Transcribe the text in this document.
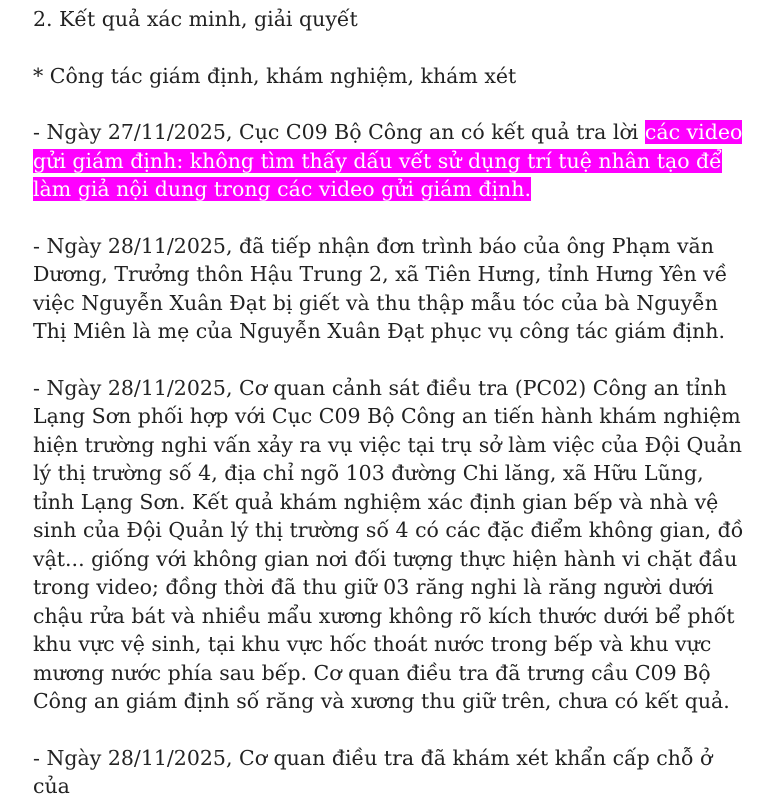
2. Kết quả xác minh, giải quyết

* Công tác giám định, khám nghiệm, khám xét

- Ngày 27/11/2025, Cục C09 Bộ Công an có kết quả tra lời các video gửi giám định: không tìm thấy dấu vết sử dụng trí tuệ nhân tạo để làm giả nội dung trong các video gửi giám định.

- Ngày 28/11/2025, đã tiếp nhận đơn trình báo của ông Phạm văn Dương, Trưởng thôn Hậu Trung 2, xã Tiên Hưng, tỉnh Hưng Yên về việc Nguyễn Xuân Đạt bị giết và thu thập mẫu tóc của bà Nguyễn Thị Miên là mẹ của Nguyễn Xuân Đạt phục vụ công tác giám định.

- Ngày 28/11/2025, Cơ quan cảnh sát điều tra (PC02) Công an tỉnh Lạng Sơn phối hợp với Cục C09 Bộ Công an tiến hành khám nghiệm hiện trường nghi vấn xảy ra vụ việc tại trụ sở làm việc của Đội Quản lý thị trường số 4, địa chỉ ngõ 103 đường Chi lăng, xã Hữu Lũng, tỉnh Lạng Sơn. Kết quả khám nghiệm xác định gian bếp và nhà vệ sinh của Đội Quản lý thị trường số 4 có các đặc điểm không gian, đồ vật... giống với không gian nơi đối tượng thực hiện hành vi chặt đầu trong video; đồng thời đã thu giữ 03 răng nghi là răng người dưới chậu rửa bát và nhiều mẩu xương không rõ kích thước dưới bể phốt khu vực vệ sinh, tại khu vực hốc thoát nước trong bếp và khu vực mương nước phía sau bếp. Cơ quan điều tra đã trưng cầu C09 Bộ Công an giám định số răng và xương thu giữ trên, chưa có kết quả.

- Ngày 28/11/2025, Cơ quan điều tra đã khám xét khẩn cấp chỗ ở của
